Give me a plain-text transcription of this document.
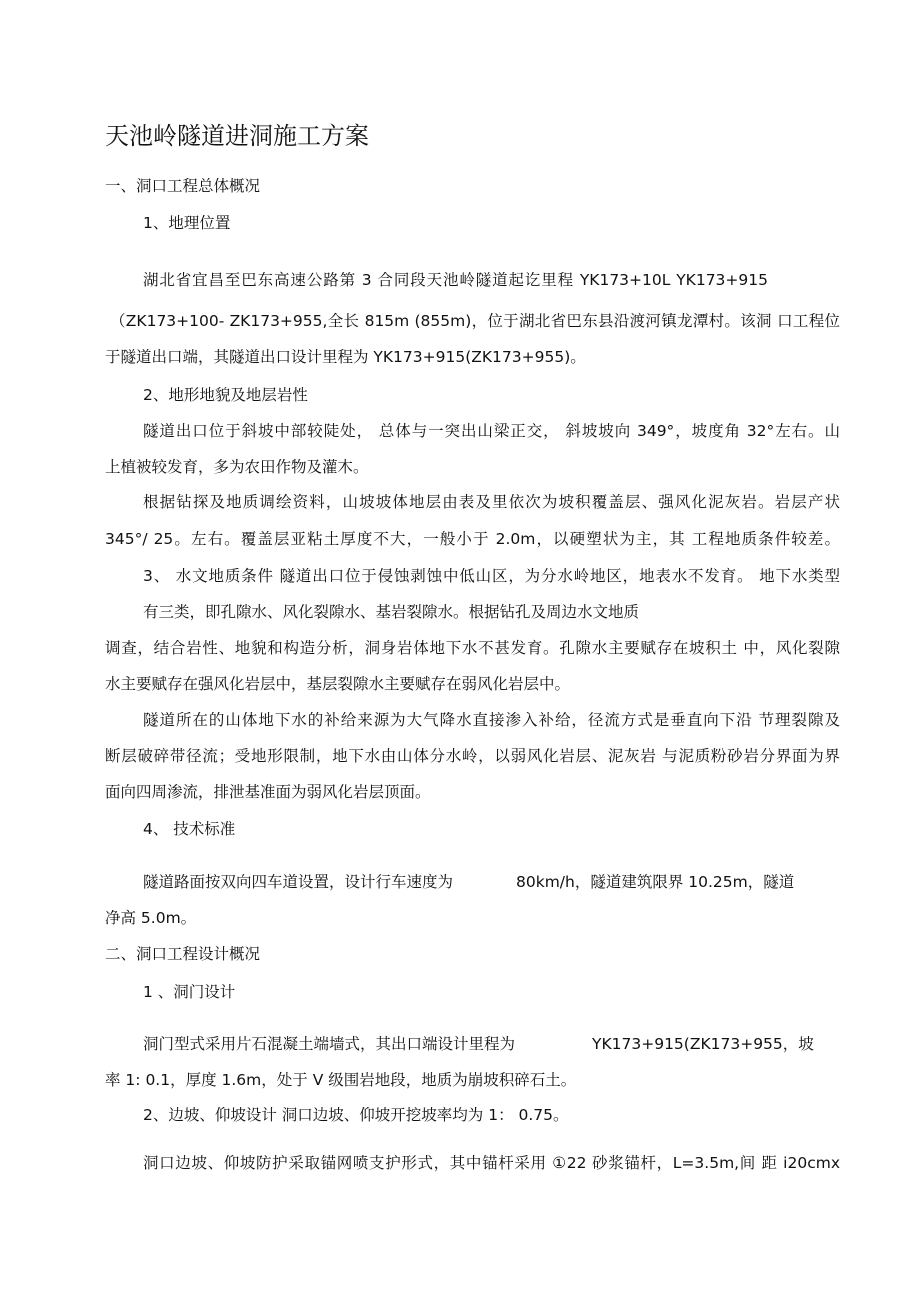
天池岭隧道进洞施工方案
一、洞口工程总体概况
1、地理位置
湖北省宜昌至巴东高速公路第 3 合同段天池岭隧道起讫里程 YK173+10L YK173+915
（ZK173+100- ZK173+955,全长 815m (855m)，位于湖北省巴东县沿渡河镇龙潭村。该洞 口工程位
于隧道出口端，其隧道出口设计里程为 YK173+915(ZK173+955)。
2、地形地貌及地层岩性
隧道出口位于斜坡中部较陡处， 总体与一突出山梁正交， 斜坡坡向 349°，坡度角 32°左右。山
上植被较发育，多为农田作物及灌木。
根据钻探及地质调绘资料，山坡坡体地层由表及里依次为坡积覆盖层、强风化泥灰岩。岩层产状
345°/ 25。左右。覆盖层亚粘土厚度不大，一般小于 2.0m，以硬塑状为主，其 工程地质条件较差。
3、 水文地质条件 隧道出口位于侵蚀剥蚀中低山区，为分水岭地区，地表水不发育。 地下水类型
有三类，即孔隙水、风化裂隙水、基岩裂隙水。根据钻孔及周边水文地质
调查，结合岩性、地貌和构造分析，洞身岩体地下水不甚发育。孔隙水主要赋存在坡积土 中，风化裂隙
水主要赋存在强风化岩层中，基层裂隙水主要赋存在弱风化岩层中。
隧道所在的山体地下水的补给来源为大气降水直接渗入补给，径流方式是垂直向下沿 节理裂隙及
断层破碎带径流；受地形限制，地下水由山体分水岭，以弱风化岩层、泥灰岩 与泥质粉砂岩分界面为界
面向四周渗流，排泄基准面为弱风化岩层顶面。
4、 技术标准
隧道路面按双向四车道设置，设计行车速度为	80km/h，隧道建筑限界 10.25m，隧道
净高 5.0m。
二、洞口工程设计概况
1 、洞门设计
洞门型式采用片石混凝土端墙式，其出口端设计里程为	YK173+915(ZK173+955，坡
率 1: 0.1，厚度 1.6m，处于 V 级围岩地段，地质为崩坡积碎石土。
2、边坡、仰坡设计 洞口边坡、仰坡开挖坡率均为 1： 0.75。
洞口边坡、仰坡防护采取锚网喷支护形式，其中锚杆采用 ①22 砂浆锚杆，L=3.5m,间 距 i20cmx
